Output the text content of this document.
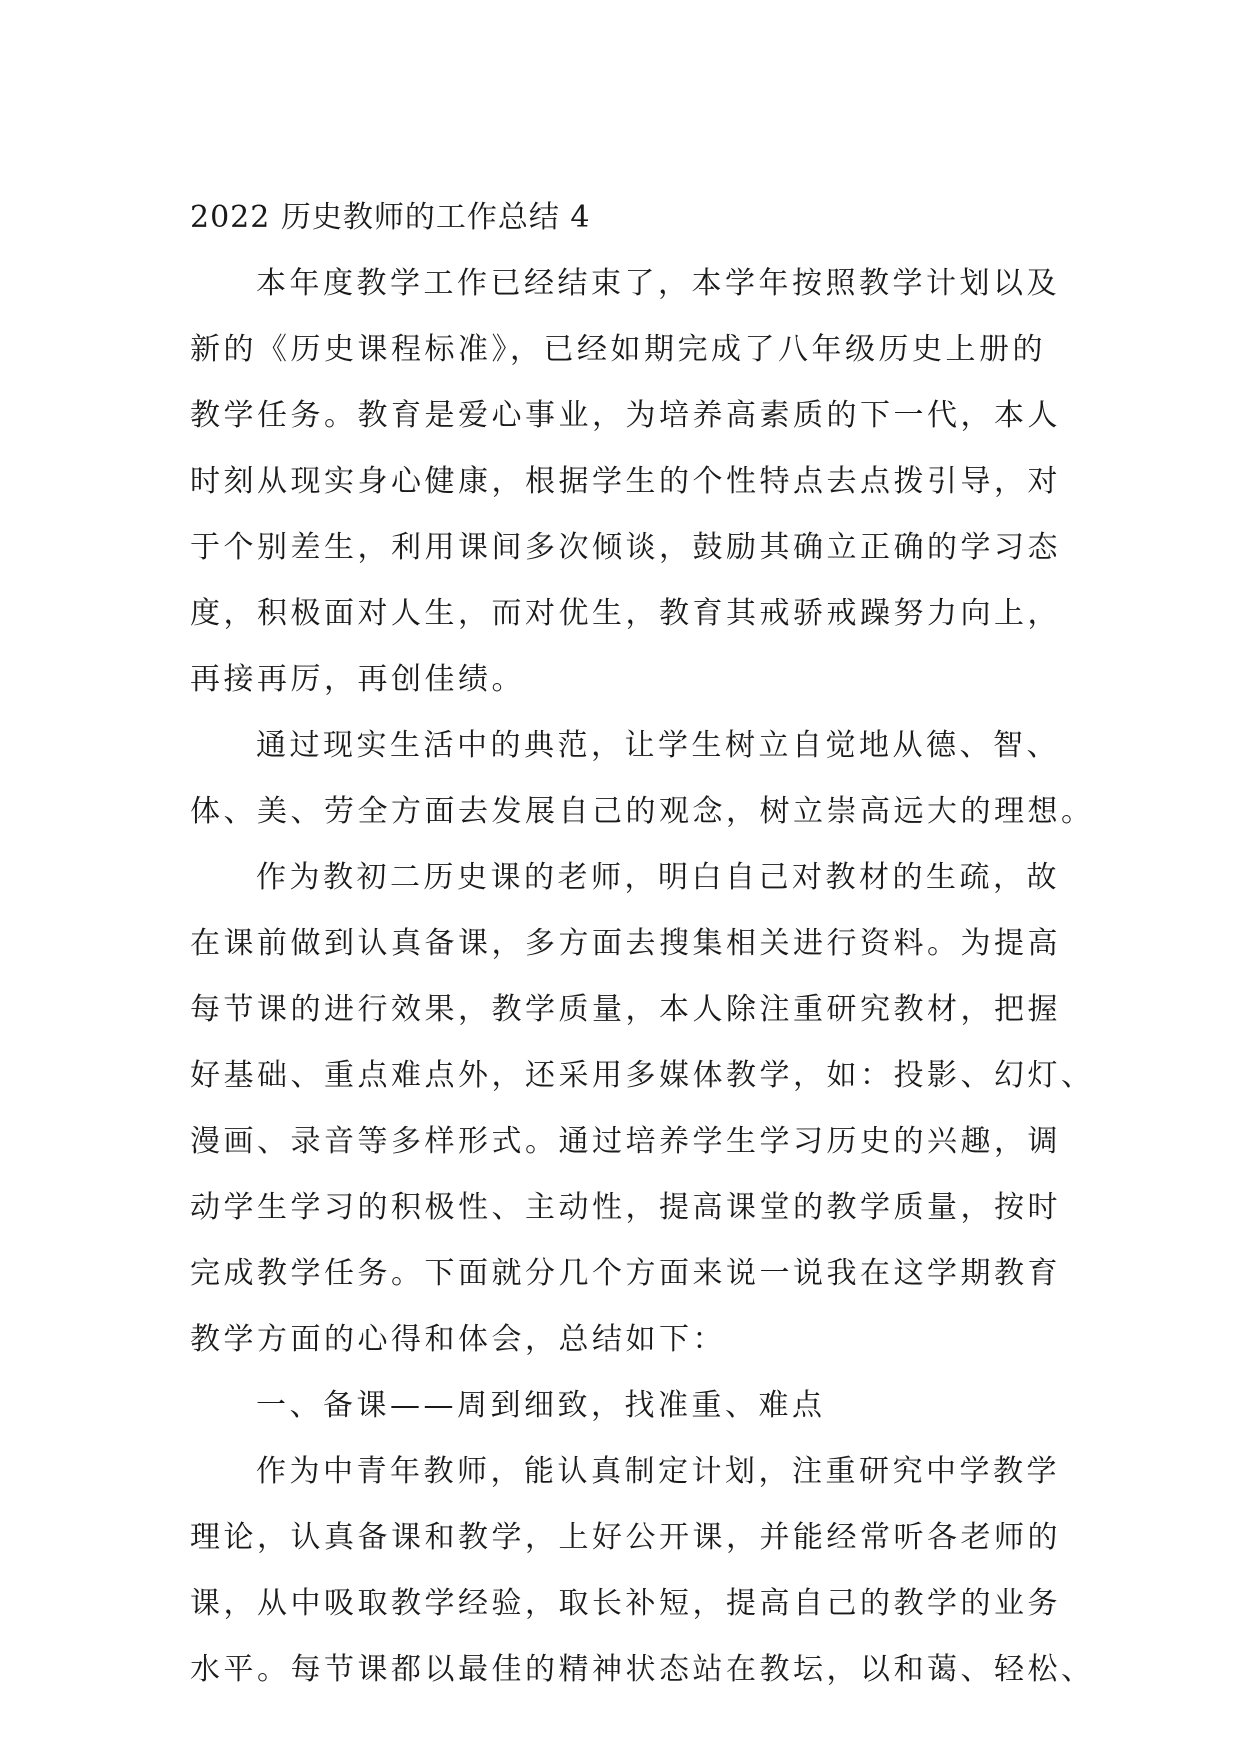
2022 历史教师的工作总结 4
本年度教学工作已经结束了，本学年按照教学计划以及
新的《历史课程标准》，已经如期完成了八年级历史上册的
教学任务。教育是爱心事业，为培养高素质的下一代，本人
时刻从现实身心健康，根据学生的个性特点去点拨引导，对
于个别差生，利用课间多次倾谈，鼓励其确立正确的学习态
度，积极面对人生，而对优生，教育其戒骄戒躁努力向上，
再接再厉，再创佳绩。
通过现实生活中的典范，让学生树立自觉地从德、智、
体、美、劳全方面去发展自己的观念，树立崇高远大的理想。
作为教初二历史课的老师，明白自己对教材的生疏，故
在课前做到认真备课，多方面去搜集相关进行资料。为提高
每节课的进行效果，教学质量，本人除注重研究教材，把握
好基础、重点难点外，还采用多媒体教学，如：投影、幻灯、
漫画、录音等多样形式。通过培养学生学习历史的兴趣，调
动学生学习的积极性、主动性，提高课堂的教学质量，按时
完成教学任务。下面就分几个方面来说一说我在这学期教育
教学方面的心得和体会，总结如下：
一、备课——周到细致，找准重、难点
作为中青年教师，能认真制定计划，注重研究中学教学
理论，认真备课和教学，上好公开课，并能经常听各老师的
课，从中吸取教学经验，取长补短，提高自己的教学的业务
水平。每节课都以最佳的精神状态站在教坛，以和蔼、轻松、
